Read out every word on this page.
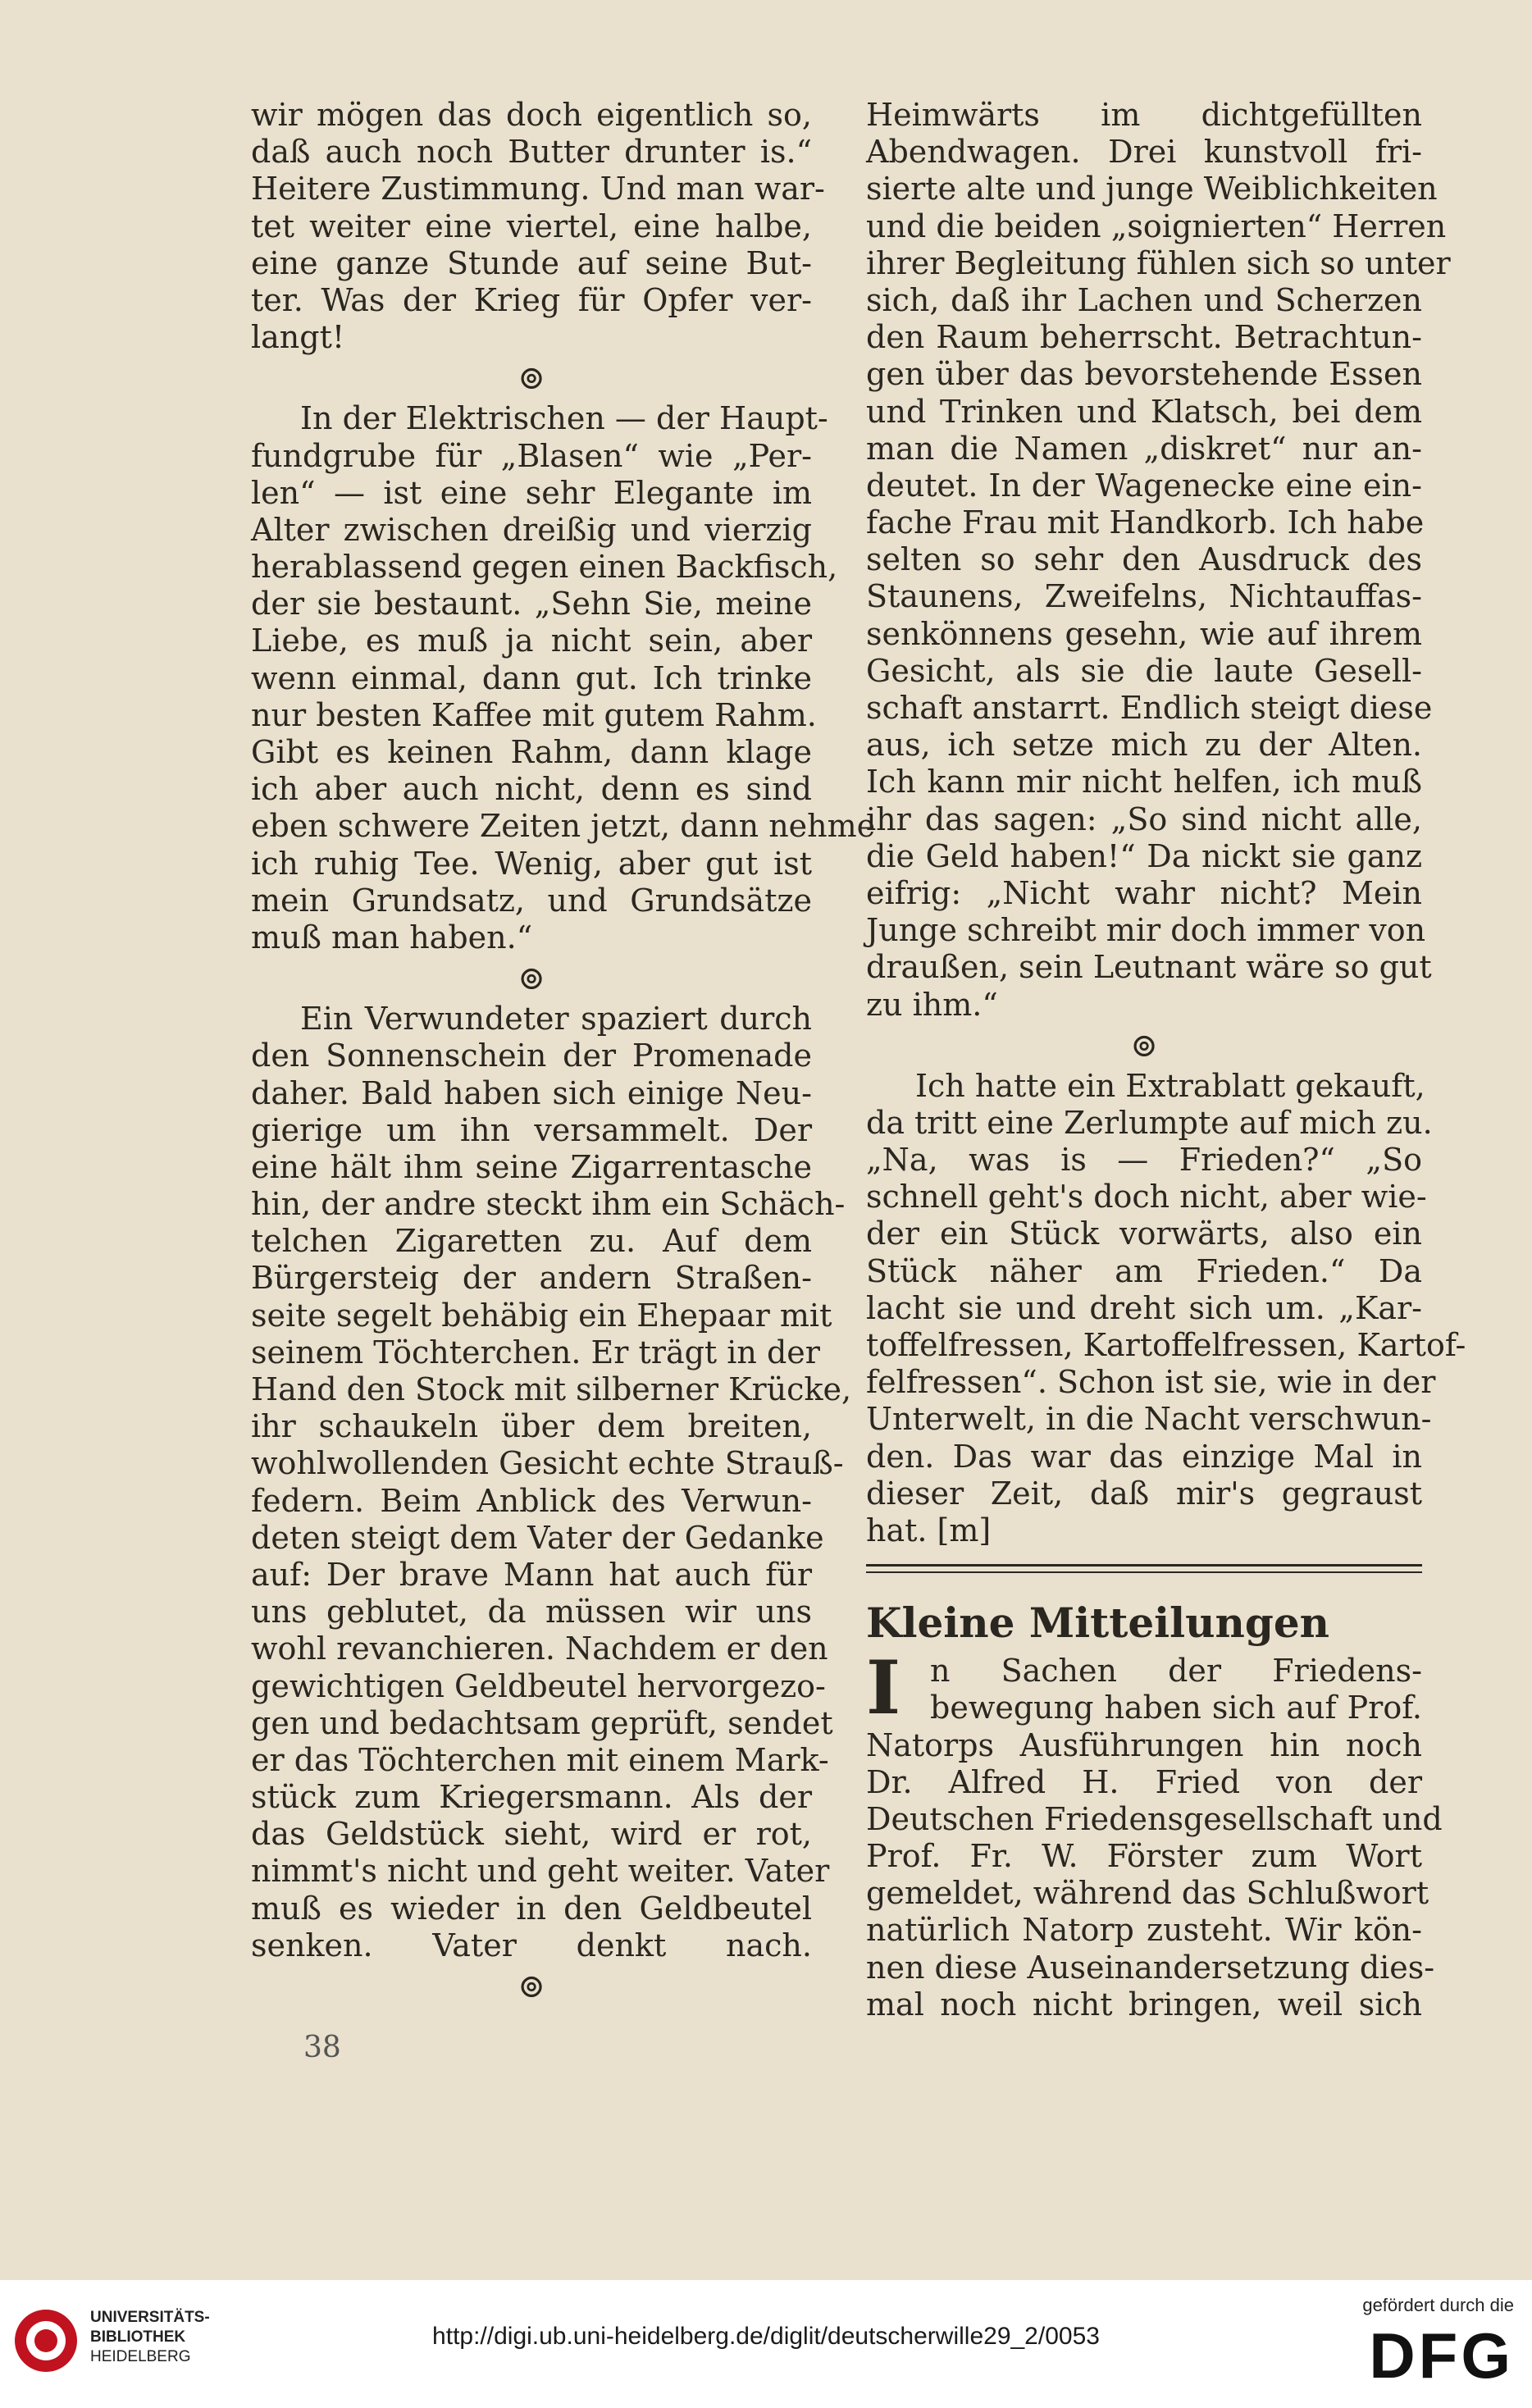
wir mögen das doch eigentlich so,
daß auch noch Butter drunter is.“
Heitere Zustimmung. Und man war-
tet weiter eine viertel, eine halbe,
eine ganze Stunde auf seine But-
ter. Was der Krieg für Opfer ver-
langt!
⊚
In der Elektrischen — der Haupt-
fundgrube für „Blasen“ wie „Per-
len“ — ist eine sehr Elegante im
Alter zwischen dreißig und vierzig
herablassend gegen einen Backfisch,
der sie bestaunt. „Sehn Sie, meine
Liebe, es muß ja nicht sein, aber
wenn einmal, dann gut. Ich trinke
nur besten Kaffee mit gutem Rahm.
Gibt es keinen Rahm, dann klage
ich aber auch nicht, denn es sind
eben schwere Zeiten jetzt, dann nehme
ich ruhig Tee. Wenig, aber gut ist
mein Grundsatz, und Grundsätze
muß man haben.“
⊚
Ein Verwundeter spaziert durch
den Sonnenschein der Promenade
daher. Bald haben sich einige Neu-
gierige um ihn versammelt. Der
eine hält ihm seine Zigarrentasche
hin, der andre steckt ihm ein Schäch-
telchen Zigaretten zu. Auf dem
Bürgersteig der andern Straßen-
seite segelt behäbig ein Ehepaar mit
seinem Töchterchen. Er trägt in der
Hand den Stock mit silberner Krücke,
ihr schaukeln über dem breiten,
wohlwollenden Gesicht echte Strauß-
federn. Beim Anblick des Verwun-
deten steigt dem Vater der Gedanke
auf: Der brave Mann hat auch für
uns geblutet, da müssen wir uns
wohl revanchieren. Nachdem er den
gewichtigen Geldbeutel hervorgezo-
gen und bedachtsam geprüft, sendet
er das Töchterchen mit einem Mark-
stück zum Kriegersmann. Als der
das Geldstück sieht, wird er rot,
nimmt's nicht und geht weiter. Vater
muß es wieder in den Geldbeutel
senken. Vater denkt nach.
⊚
Heimwärts im dichtgefüllten
Abendwagen. Drei kunstvoll fri-
sierte alte und junge Weiblichkeiten
und die beiden „soignierten“ Herren
ihrer Begleitung fühlen sich so unter
sich, daß ihr Lachen und Scherzen
den Raum beherrscht. Betrachtun-
gen über das bevorstehende Essen
und Trinken und Klatsch, bei dem
man die Namen „diskret“ nur an-
deutet. In der Wagenecke eine ein-
fache Frau mit Handkorb. Ich habe
selten so sehr den Ausdruck des
Staunens, Zweifelns, Nichtauffas-
senkönnens gesehn, wie auf ihrem
Gesicht, als sie die laute Gesell-
schaft anstarrt. Endlich steigt diese
aus, ich setze mich zu der Alten.
Ich kann mir nicht helfen, ich muß
ihr das sagen: „So sind nicht alle,
die Geld haben!“ Da nickt sie ganz
eifrig: „Nicht wahr nicht? Mein
Junge schreibt mir doch immer von
draußen, sein Leutnant wäre so gut
zu ihm.“
⊚
Ich hatte ein Extrablatt gekauft,
da tritt eine Zerlumpte auf mich zu.
„Na, was is — Frieden?“ „So
schnell geht's doch nicht, aber wie-
der ein Stück vorwärts, also ein
Stück näher am Frieden.“ Da
lacht sie und dreht sich um. „Kar-
toffelfressen, Kartoffelfressen, Kartof-
felfressen“. Schon ist sie, wie in der
Unterwelt, in die Nacht verschwun-
den. Das war das einzige Mal in
dieser Zeit, daß mir's gegraust
hat. [m]
Kleine Mitteilungen
I n Sachen der Friedens-
bewegung haben sich auf Prof.
Natorps Ausführungen hin noch
Dr. Alfred H. Fried von der
Deutschen Friedensgesellschaft und
Prof. Fr. W. Förster zum Wort
gemeldet, während das Schlußwort
natürlich Natorp zusteht. Wir kön-
nen diese Auseinandersetzung dies-
mal noch nicht bringen, weil sich
38
UNIVERSITÄTS-
BIBLIOTHEK
HEIDELBERG
http://digi.ub.uni-heidelberg.de/diglit/deutscherwille29_2/0053
gefördert durch die
DFG
